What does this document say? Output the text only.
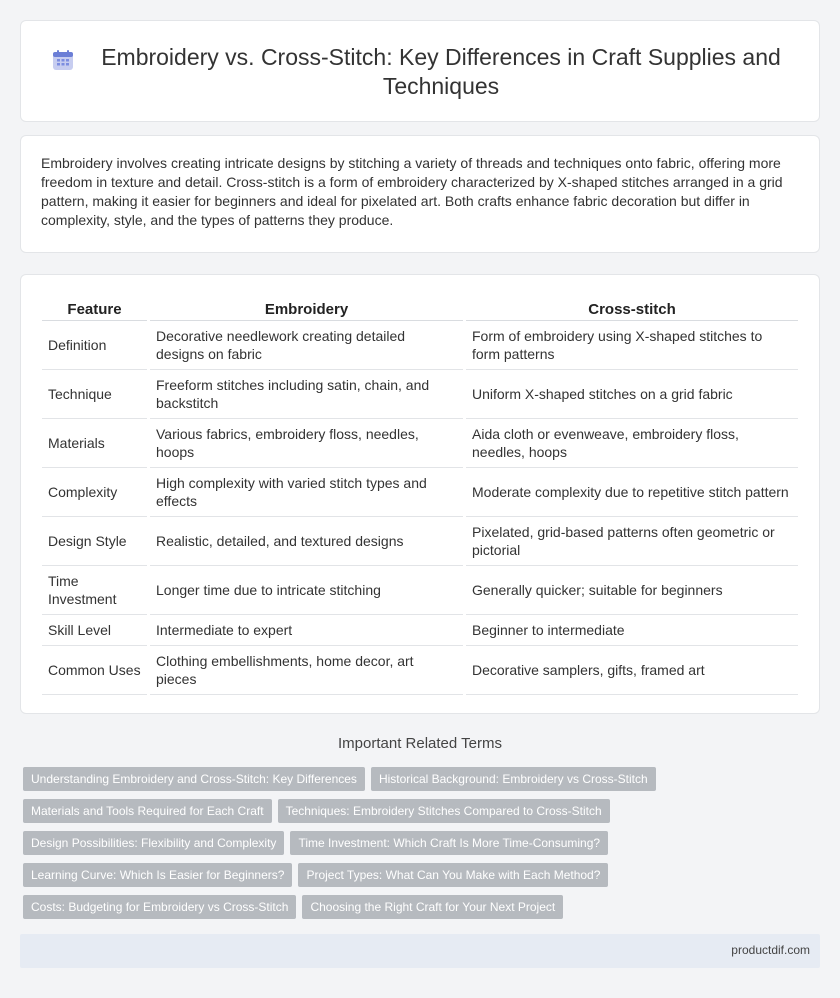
Embroidery vs. Cross-Stitch: Key Differences in Craft Supplies and Techniques

Embroidery involves creating intricate designs by stitching a variety of threads and techniques onto fabric, offering more freedom in texture and detail. Cross-stitch is a form of embroidery characterized by X-shaped stitches arranged in a grid pattern, making it easier for beginners and ideal for pixelated art. Both crafts enhance fabric decoration but differ in complexity, style, and the types of patterns they produce.

Feature	Embroidery	Cross-stitch
Definition	Decorative needlework creating detailed designs on fabric	Form of embroidery using X-shaped stitches to form patterns
Technique	Freeform stitches including satin, chain, and backstitch	Uniform X-shaped stitches on a grid fabric
Materials	Various fabrics, embroidery floss, needles, hoops	Aida cloth or evenweave, embroidery floss, needles, hoops
Complexity	High complexity with varied stitch types and effects	Moderate complexity due to repetitive stitch pattern
Design Style	Realistic, detailed, and textured designs	Pixelated, grid-based patterns often geometric or pictorial
Time Investment	Longer time due to intricate stitching	Generally quicker; suitable for beginners
Skill Level	Intermediate to expert	Beginner to intermediate
Common Uses	Clothing embellishments, home decor, art pieces	Decorative samplers, gifts, framed art
Important Related Terms
Understanding Embroidery and Cross-Stitch: Key Differences	Historical Background: Embroidery vs Cross-Stitch
Materials and Tools Required for Each Craft	Techniques: Embroidery Stitches Compared to Cross-Stitch
Design Possibilities: Flexibility and Complexity	Time Investment: Which Craft Is More Time-Consuming?
Learning Curve: Which Is Easier for Beginners?	Project Types: What Can You Make with Each Method?
Costs: Budgeting for Embroidery vs Cross-Stitch	Choosing the Right Craft for Your Next Project
productdif.com
